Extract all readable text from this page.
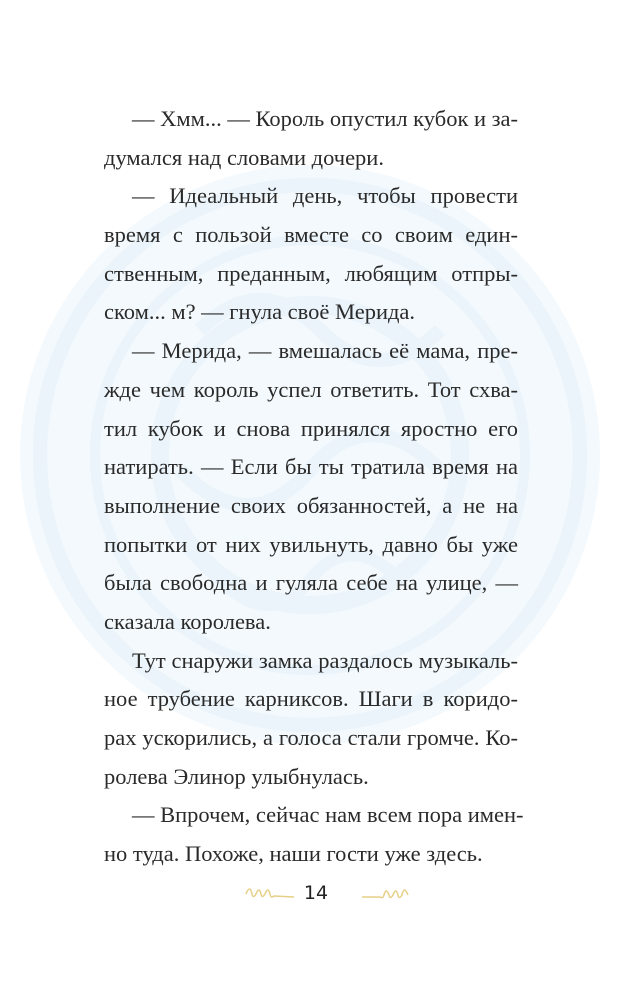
— Хмм... — Король опустил кубок и за-
думался над словами дочери.
— Идеальный день, чтобы провести
время с пользой вместе со своим един-
ственным, преданным, любящим отпры-
ском... м? — гнула своё Мерида.
— Мерида, — вмешалась её мама, пре-
жде чем король успел ответить. Тот схва-
тил кубок и снова принялся яростно его
натирать. — Если бы ты тратила время на
выполнение своих обязанностей, а не на
попытки от них увильнуть, давно бы уже
была свободна и гуляла себе на улице, —
сказала королева.
Тут снаружи замка раздалось музыкаль-
ное трубение карниксов. Шаги в коридо-
рах ускорились, а голоса стали громче. Ко-
ролева Элинор улыбнулась.
— Впрочем, сейчас нам всем пора имен-
но туда. Похоже, наши гости уже здесь.
14
